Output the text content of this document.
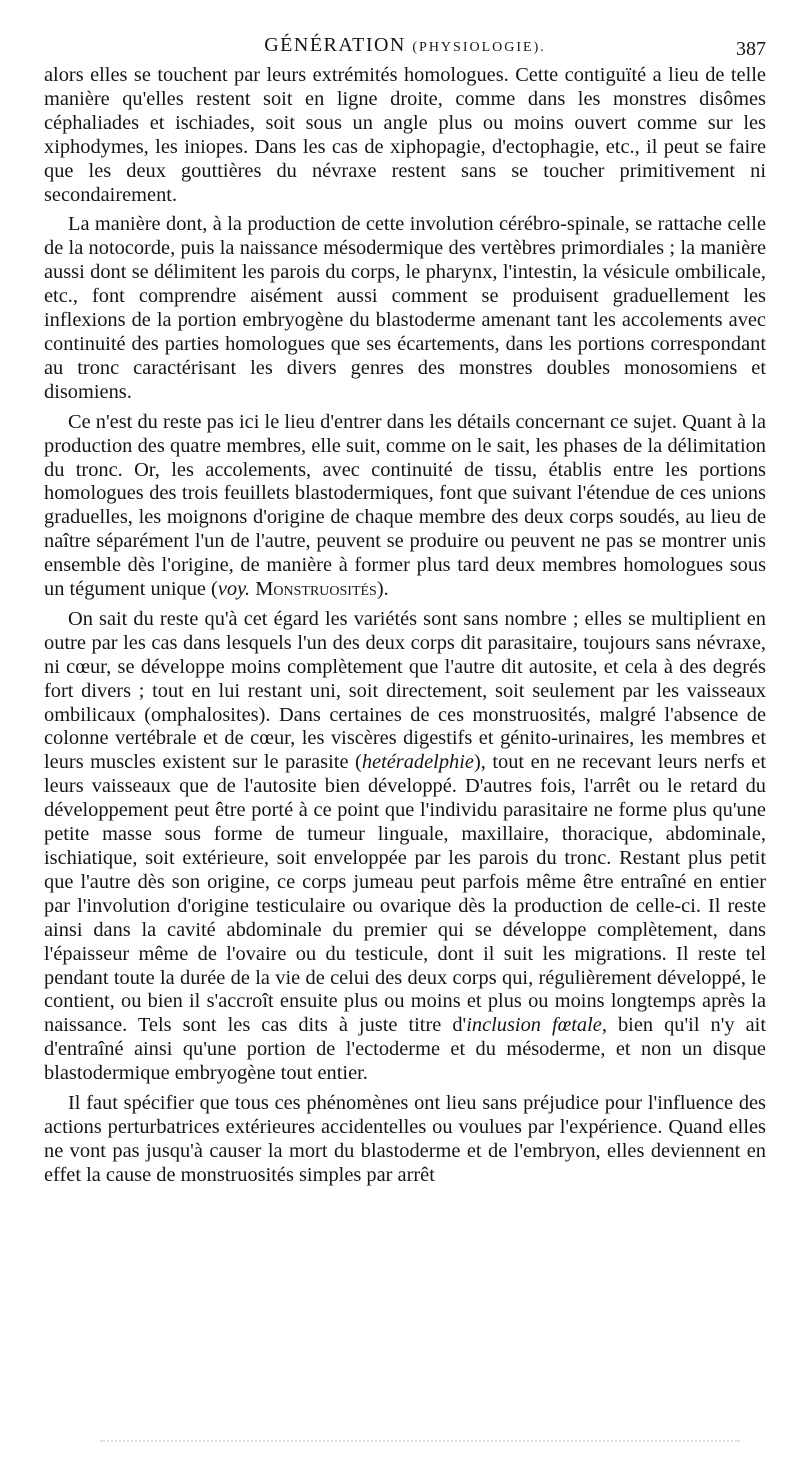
GÉNÉRATION (PHYSIOLOGIE).	387

alors elles se touchent par leurs extrémités homologues. Cette contiguïté a lieu de telle manière qu'elles restent soit en ligne droite, comme dans les monstres disômes céphaliades et ischiades, soit sous un angle plus ou moins ouvert comme sur les xiphodymes, les iniopes. Dans les cas de xiphopagie, d'ectophagie, etc., il peut se faire que les deux gouttières du névraxe restent sans se toucher primitivement ni secondairement.

La manière dont, à la production de cette involution cérébro-spinale, se rattache celle de la notocorde, puis la naissance mésodermique des vertèbres primordiales ; la manière aussi dont se délimitent les parois du corps, le pharynx, l'intestin, la vésicule ombilicale, etc., font comprendre aisément aussi comment se produisent graduellement les inflexions de la portion embryogène du blastoderme amenant tant les accolements avec continuité des parties homologues que ses écartements, dans les portions correspondant au tronc caractérisant les divers genres des monstres doubles monosomiens et disomiens.

Ce n'est du reste pas ici le lieu d'entrer dans les détails concernant ce sujet. Quant à la production des quatre membres, elle suit, comme on le sait, les phases de la délimitation du tronc. Or, les accolements, avec continuité de tissu, établis entre les portions homologues des trois feuillets blastodermiques, font que suivant l'étendue de ces unions graduelles, les moignons d'origine de chaque membre des deux corps soudés, au lieu de naître séparément l'un de l'autre, peuvent se produire ou peuvent ne pas se montrer unis ensemble dès l'origine, de manière à former plus tard deux membres homologues sous un tégument unique (voy. Monstruosités).

On sait du reste qu'à cet égard les variétés sont sans nombre ; elles se multiplient en outre par les cas dans lesquels l'un des deux corps dit parasitaire, toujours sans névraxe, ni cœur, se développe moins complètement que l'autre dit autosite, et cela à des degrés fort divers ; tout en lui restant uni, soit directement, soit seulement par les vaisseaux ombilicaux (omphalosites). Dans certaines de ces monstruosités, malgré l'absence de colonne vertébrale et de cœur, les viscères digestifs et génito-urinaires, les membres et leurs muscles existent sur le parasite (hetéradelphie), tout en ne recevant leurs nerfs et leurs vaisseaux que de l'autosite bien développé. D'autres fois, l'arrêt ou le retard du développement peut être porté à ce point que l'individu parasitaire ne forme plus qu'une petite masse sous forme de tumeur linguale, maxillaire, thoracique, abdominale, ischiatique, soit extérieure, soit enveloppée par les parois du tronc. Restant plus petit que l'autre dès son origine, ce corps jumeau peut parfois même être entraîné en entier par l'involution d'origine testiculaire ou ovarique dès la production de celle-ci. Il reste ainsi dans la cavité abdominale du premier qui se développe complètement, dans l'épaisseur même de l'ovaire ou du testicule, dont il suit les migrations. Il reste tel pendant toute la durée de la vie de celui des deux corps qui, régulièrement développé, le contient, ou bien il s'accroît ensuite plus ou moins et plus ou moins longtemps après la naissance. Tels sont les cas dits à juste titre d'inclusion fœtale, bien qu'il n'y ait d'entraîné ainsi qu'une portion de l'ectoderme et du mésoderme, et non un disque blastodermique embryogène tout entier.

Il faut spécifier que tous ces phénomènes ont lieu sans préjudice pour l'influence des actions perturbatrices extérieures accidentelles ou voulues par l'expérience. Quand elles ne vont pas jusqu'à causer la mort du blastoderme et de l'embryon, elles deviennent en effet la cause de monstruosités simples par arrêt
